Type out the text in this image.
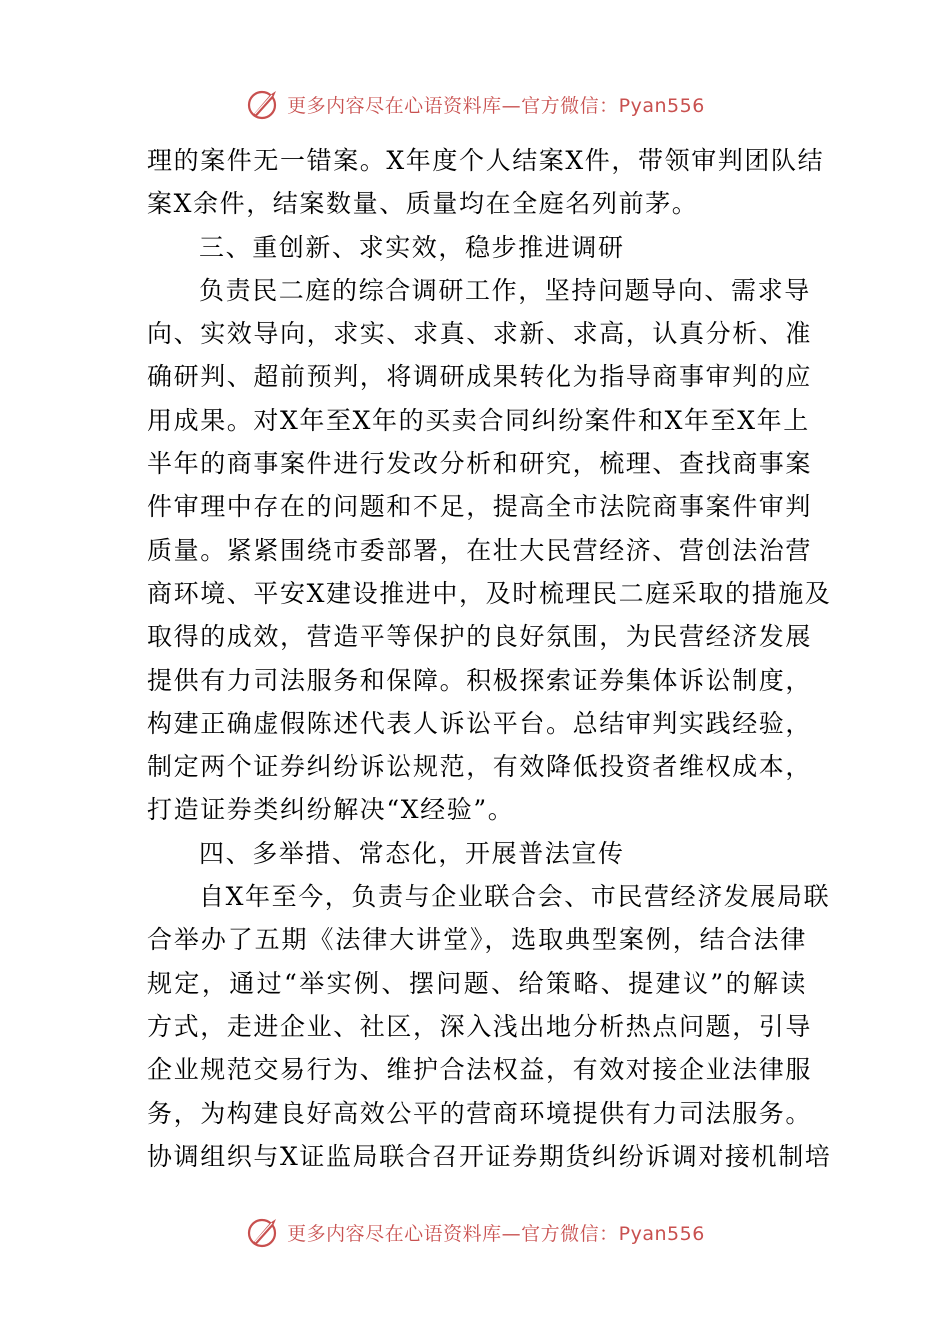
更多内容尽在心语资料库—官方微信：Pyan556
理的案件无一错案。X年度个人结案X件，带领审判团队结
案X余件，结案数量、质量均在全庭名列前茅。
三、重创新、求实效，稳步推进调研
负责民二庭的综合调研工作，坚持问题导向、需求导
向、实效导向，求实、求真、求新、求高，认真分析、准
确研判、超前预判，将调研成果转化为指导商事审判的应
用成果。对X年至X年的买卖合同纠纷案件和X年至X年上
半年的商事案件进行发改分析和研究，梳理、查找商事案
件审理中存在的问题和不足，提高全市法院商事案件审判
质量。紧紧围绕市委部署，在壮大民营经济、营创法治营
商环境、平安X建设推进中，及时梳理民二庭采取的措施及
取得的成效，营造平等保护的良好氛围，为民营经济发展
提供有力司法服务和保障。积极探索证券集体诉讼制度，
构建正确虚假陈述代表人诉讼平台。总结审判实践经验，
制定两个证券纠纷诉讼规范，有效降低投资者维权成本，
打造证券类纠纷解决“X经验”。
四、多举措、常态化，开展普法宣传
自X年至今，负责与企业联合会、市民营经济发展局联
合举办了五期《法律大讲堂》，选取典型案例，结合法律
规定，通过“举实例、摆问题、给策略、提建议”的解读
方式，走进企业、社区，深入浅出地分析热点问题，引导
企业规范交易行为、维护合法权益，有效对接企业法律服
务，为构建良好高效公平的营商环境提供有力司法服务。
协调组织与X证监局联合召开证券期货纠纷诉调对接机制培
更多内容尽在心语资料库—官方微信：Pyan556
